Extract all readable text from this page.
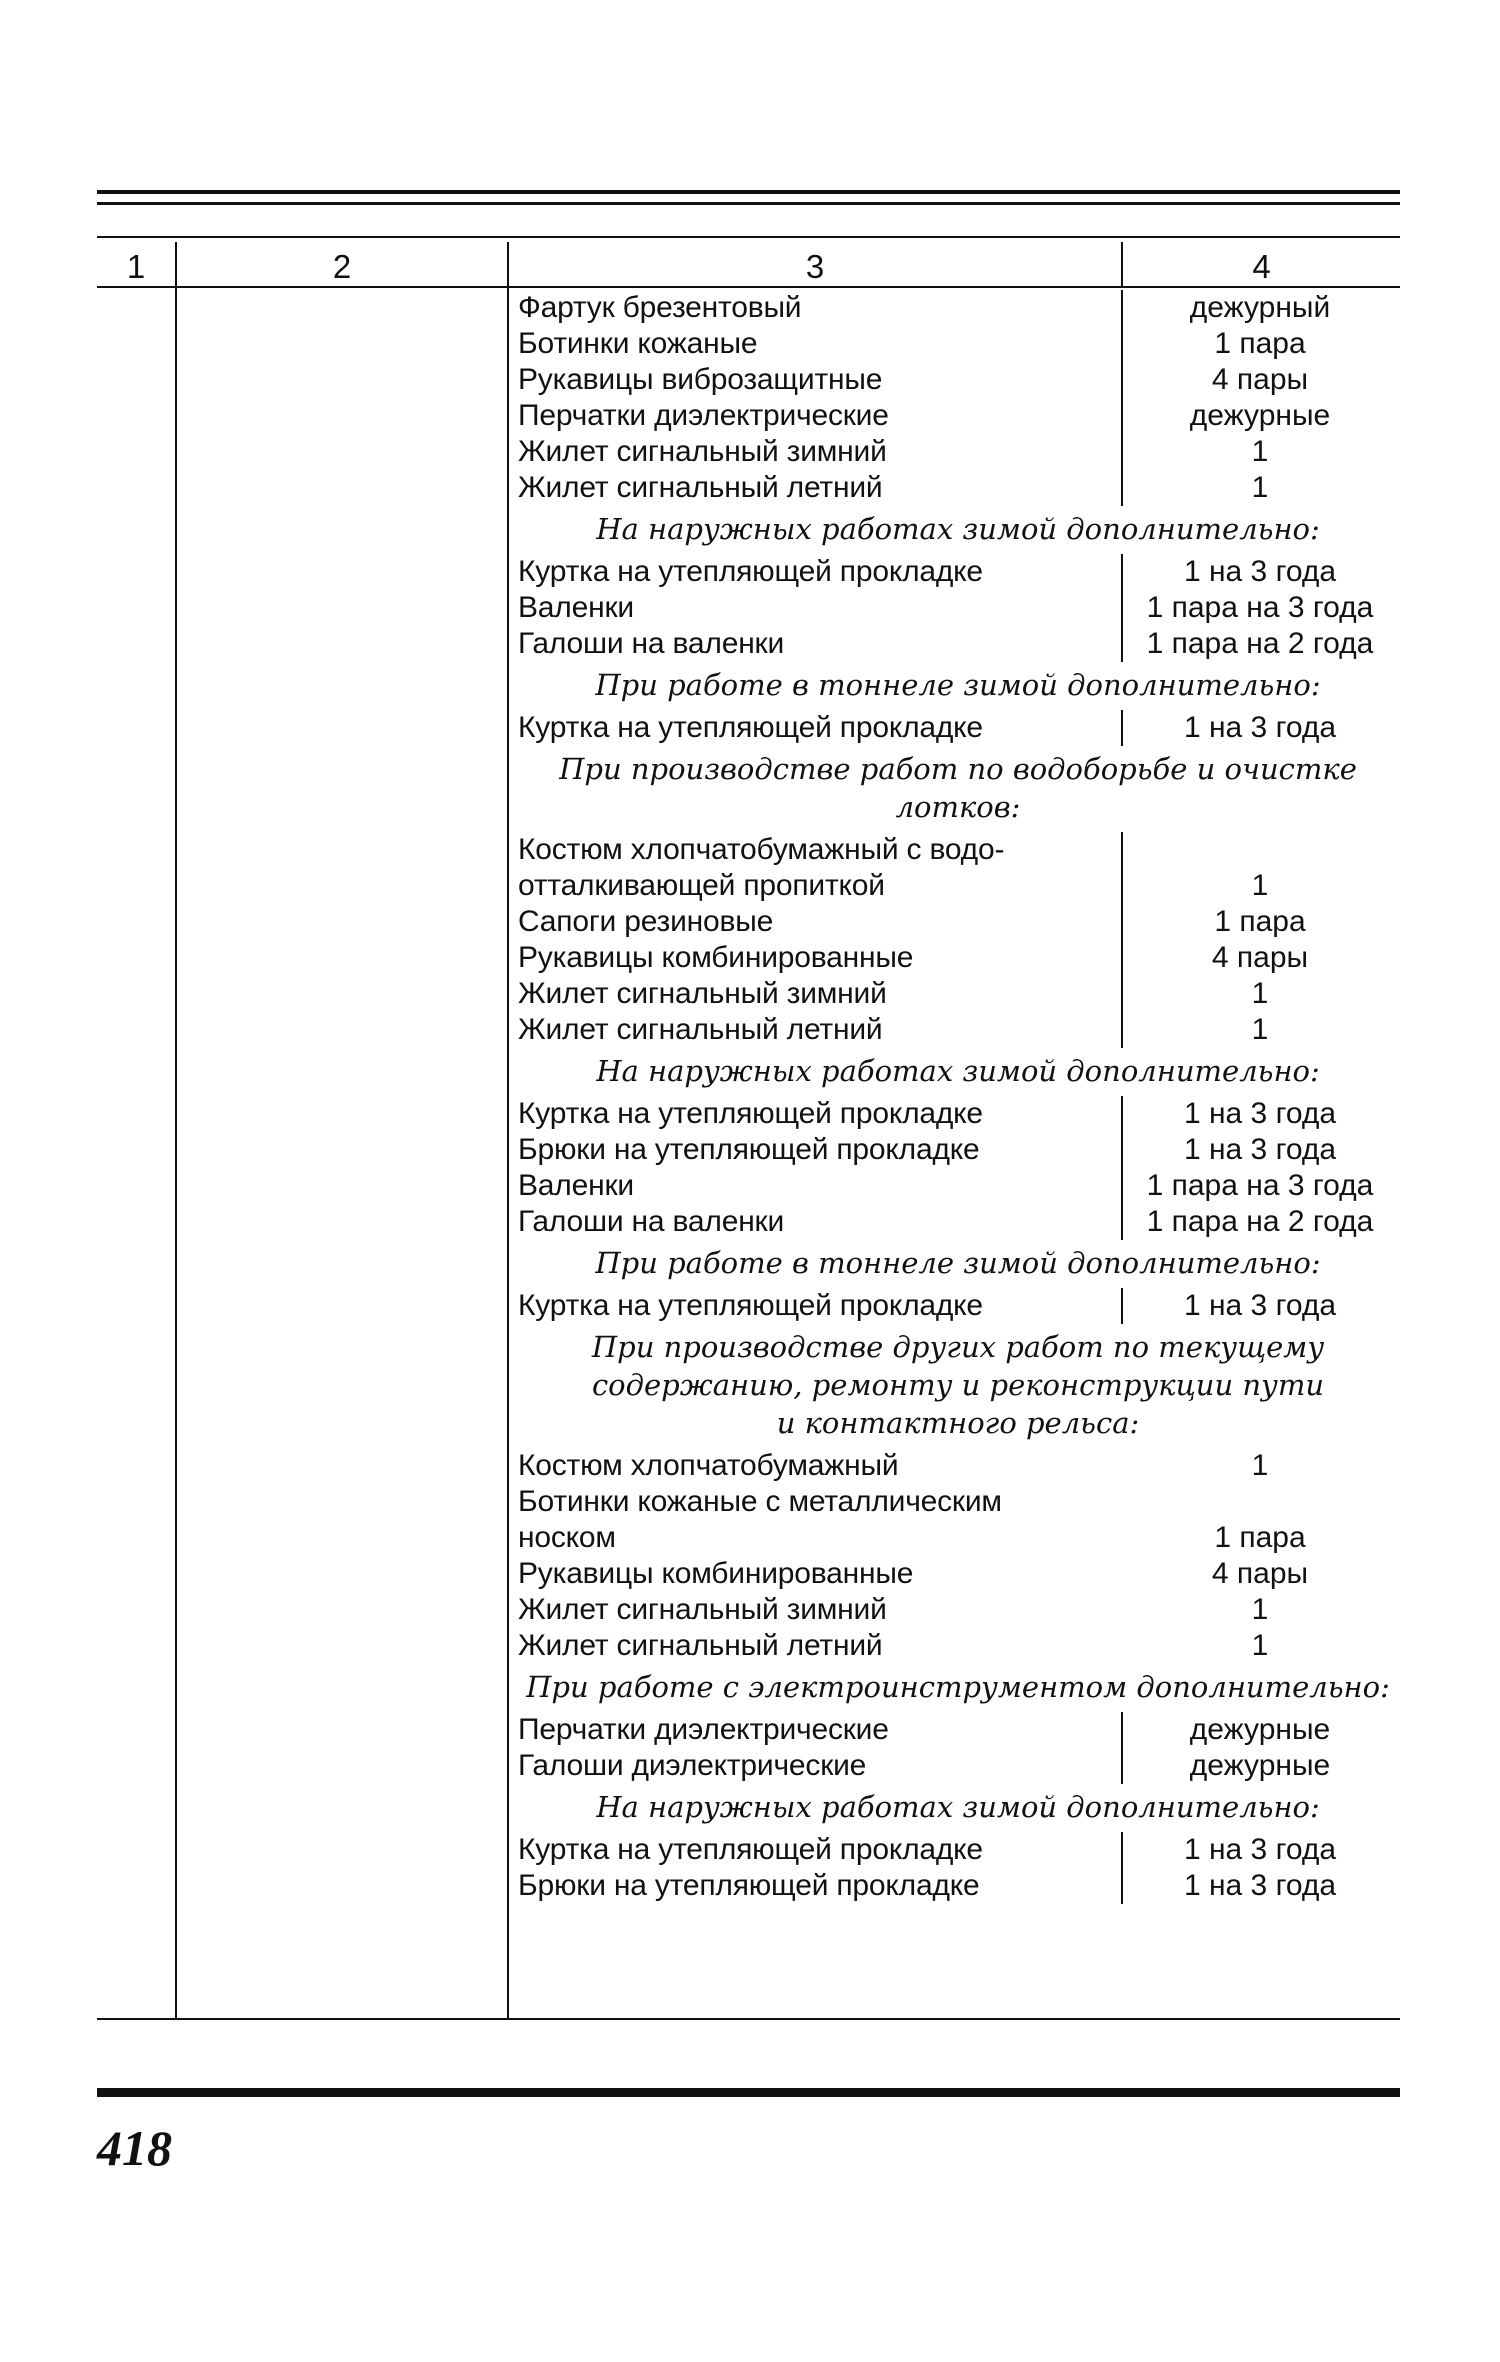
1	2	3	4
Фартук брезентовый	дежурный
Ботинки кожаные	1 пара
Рукавицы виброзащитные	4 пары
Перчатки диэлектрические	дежурные
Жилет сигнальный зимний	1
Жилет сигнальный летний	1
На наружных работах зимой дополнительно:
Куртка на утепляющей прокладке	1 на 3 года
Валенки	1 пара на 3 года
Галоши на валенки	1 пара на 2 года
При работе в тоннеле зимой дополнительно:
Куртка на утепляющей прокладке	1 на 3 года
При производстве работ по водоборьбе и очистке
лотков:
Костюм хлопчатобумажный с водо-
отталкивающей пропиткой	1
Сапоги резиновые	1 пара
Рукавицы комбинированные	4 пары
Жилет сигнальный зимний	1
Жилет сигнальный летний	1
На наружных работах зимой дополнительно:
Куртка на утепляющей прокладке	1 на 3 года
Брюки на утепляющей прокладке	1 на 3 года
Валенки	1 пара на 3 года
Галоши на валенки	1 пара на 2 года
При работе в тоннеле зимой дополнительно:
Куртка на утепляющей прокладке	1 на 3 года
При производстве других работ по текущему
содержанию, ремонту и реконструкции пути
и контактного рельса:
Костюм хлопчатобумажный	1
Ботинки кожаные с металлическим
носком	1 пара
Рукавицы комбинированные	4 пары
Жилет сигнальный зимний	1
Жилет сигнальный летний	1
При работе с электроинструментом дополнительно:
Перчатки диэлектрические	дежурные
Галоши диэлектрические	дежурные
На наружных работах зимой дополнительно:
Куртка на утепляющей прокладке	1 на 3 года
Брюки на утепляющей прокладке	1 на 3 года
418
